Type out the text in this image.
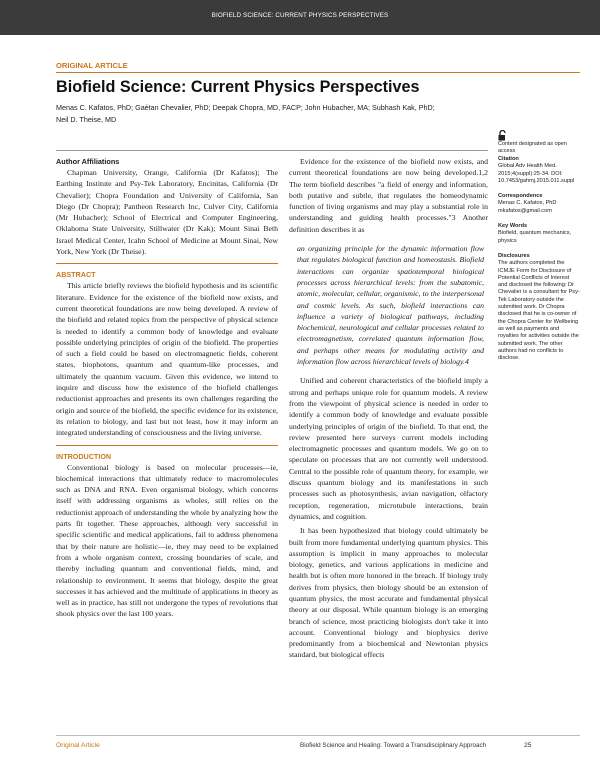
BIOFIELD SCIENCE: CURRENT PHYSICS PERSPECTIVES
ORIGINAL ARTICLE
Biofield Science: Current Physics Perspectives
Menas C. Kafatos, PhD; Gaétan Chevalier, PhD; Deepak Chopra, MD, FACP; John Hubacher, MA; Subhash Kak, PhD;
Neil D. Theise, MD
Content designated as open access

Author Affiliations

Chapman University, Orange, California (Dr Kafatos); The Earthing Institute and Psy-Tek Laboratory, Encinitas, California (Dr Chevalier); Chopra Foundation and University of California, San Diego (Dr Chopra); Pantheon Research Inc, Culver City, California (Mr Hubacher); School of Electrical and Computer Engineering, Oklahoma State University, Stillwater (Dr Kak); Mount Sinai Beth Israel Medical Center, Icahn School of Medicine at Mount Sinai, New York, New York (Dr Theise).

ABSTRACT

This article briefly reviews the biofield hypothesis and its scientific literature. Evidence for the existence of the biofield now exists, and current theoretical foundations are now being developed. A review of the biofield and related topics from the perspective of physical science is needed to identify a common body of knowledge and evaluate possible underlying principles of origin of the biofield. The properties of such a field could be based on electromagnetic fields, coherent states, biophotons, quantum and quantum-like processes, and ultimately the quantum vacuum. Given this evidence, we intend to inquire and discuss how the existence of the biofield challenges reductionist approaches and presents its own challenges regarding the origin and source of the biofield, the specific evidence for its existence, its relation to biology, and last but not least, how it may inform an integrated understanding of consciousness and the living universe.

INTRODUCTION

Conventional biology is based on molecular processes—ie, biochemical interactions that ultimately reduce to macromolecules such as DNA and RNA. Even organismal biology, which concerns itself with addressing organisms as wholes, still relies on the reductionist approach of understanding the whole by analyzing how the parts fit together. These approaches, although very successful in specific scientific and medical applications, fail to address phenomena that by their nature are holistic—ie, they may need to be explained from a whole organism context, crossing boundaries of scale, and thereby including quantum and conventional fields, mind, and relationship to environment. It seems that biology, despite the great successes it has achieved and the multitude of applications in theory as well as in practice, has still not undergone the types of revolutions that shook physics over the last 100 years.

Evidence for the existence of the biofield now exists, and current theoretical foundations are now being developed.1,2 The term biofield describes "a field of energy and information, both putative and subtle, that regulates the homeodynamic function of living organisms and may play a substantial role in understanding and guiding health processes."3 Another definition describes it as

an organizing principle for the dynamic information flow that regulates biological function and homeostasis. Biofield interactions can organize spatiotemporal biological processes across hierarchical levels: from the subatomic, atomic, molecular, cellular, organismic, to the interpersonal and cosmic levels. As such, biofield interactions can influence a variety of biological pathways, including biochemical, neurological and cellular processes related to electromagnetism, correlated quantum information flow, and perhaps other means for modulating activity and information flow across hierarchical levels of biology.4

Unified and coherent characteristics of the biofield imply a strong and perhaps unique role for quantum models. A review from the viewpoint of physical science is needed in order to identify a common body of knowledge and evaluate possible underlying principles of origin of the biofield. To that end, the review presented here surveys current models including electromagnetic processes and quantum models. We go on to speculate on processes that are not currently well understood. Central to the possible role of quantum theory, for example, we discuss quantum biology and its manifestations in such processes such as photosynthesis, avian navigation, olfactory reception, regeneration, microtubule interactions, brain dynamics, and cognition.

It has been hypothesized that biology could ultimately be built from more fundamental underlying quantum physics. This assumption is implicit in many approaches to molecular biology, genetics, and various applications in medicine and health but is often more honored in the breach. If biology truly derives from physics, then biology should be an extension of quantum physics, the most accurate and fundamental physical theory at our disposal. While quantum biology is an emerging branch of science, most practicing biologists don't take it into account. Conventional biology and biophysics derive predominantly from a biochemical and Newtonian physics standard, but biological effects

Citation
Global Adv Health Med. 2015;4(suppl):25-34. DOI: 10.7453/gahmj.2015.011.suppl
Correspondence
Menas C. Kafatos, PhD mkafatos@gmail.com
Key Words
Biofield, quantum mechanics, physics
Disclosures
The authors completed the ICMJE Form for Disclosure of Potential Conflicts of Interest and disclosed the following: Dr Chevalier is a consultant for Psy-Tek Laboratory outside the submitted work. Dr Chopra disclosed that he is co-owner of the Chopra Center for Wellbeing as well as payments and royalties for activities outside the submitted work. The other authors had no conflicts to disclose.
Original Article	Biofield Science and Healing: Toward a Transdisciplinary Approach	25
